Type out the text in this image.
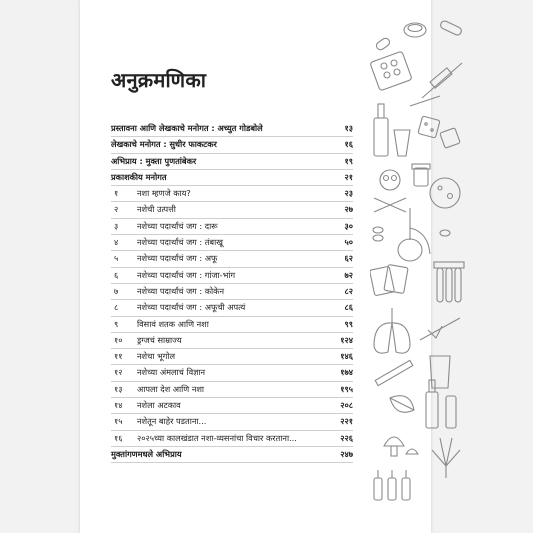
अनुक्रमणिका
प्रस्तावना आणि लेखकाचे मनोगत : अच्युत गोडबोले	१३
लेखकाचे मनोगत : सुधीर फाकटकर	१६
अभिप्राय : मुक्ता पुणतांबेकर	१९
प्रकाशकीय मनोगत	२१
१ नशा म्हणजे काय?	२३
२ नशेची उत्पत्ती	२७
३ नशेच्या पदार्थांचं जग : दारू	३०
४ नशेच्या पदार्थांचं जग : तंबाखू	५०
५ नशेच्या पदार्थांचं जग : अफू	६२
६ नशेच्या पदार्थांचं जग : गांजा-भांग	७२
७ नशेच्या पदार्थांचं जग : कोकेन	८२
८ नशेच्या पदार्थांचं जग : अफूची अपत्यं	८६
९ विसावं शतक आणि नशा	९९
१० ड्रग्जचं साम्राज्य	१२४
११ नशेचा भूगोल	१४६
१२ नशेच्या अंमलाचं विज्ञान	१७४
१३ आपला देश आणि नशा	१९५
१४ नशेला अटकाव	२०८
१५ नशेतून बाहेर पडताना...	२२१
१६ २०२५च्या कालखंडात नशा-व्यसनांचा विचार करताना...	२२६
मुक्तांगणमधले अभिप्राय	२४७
